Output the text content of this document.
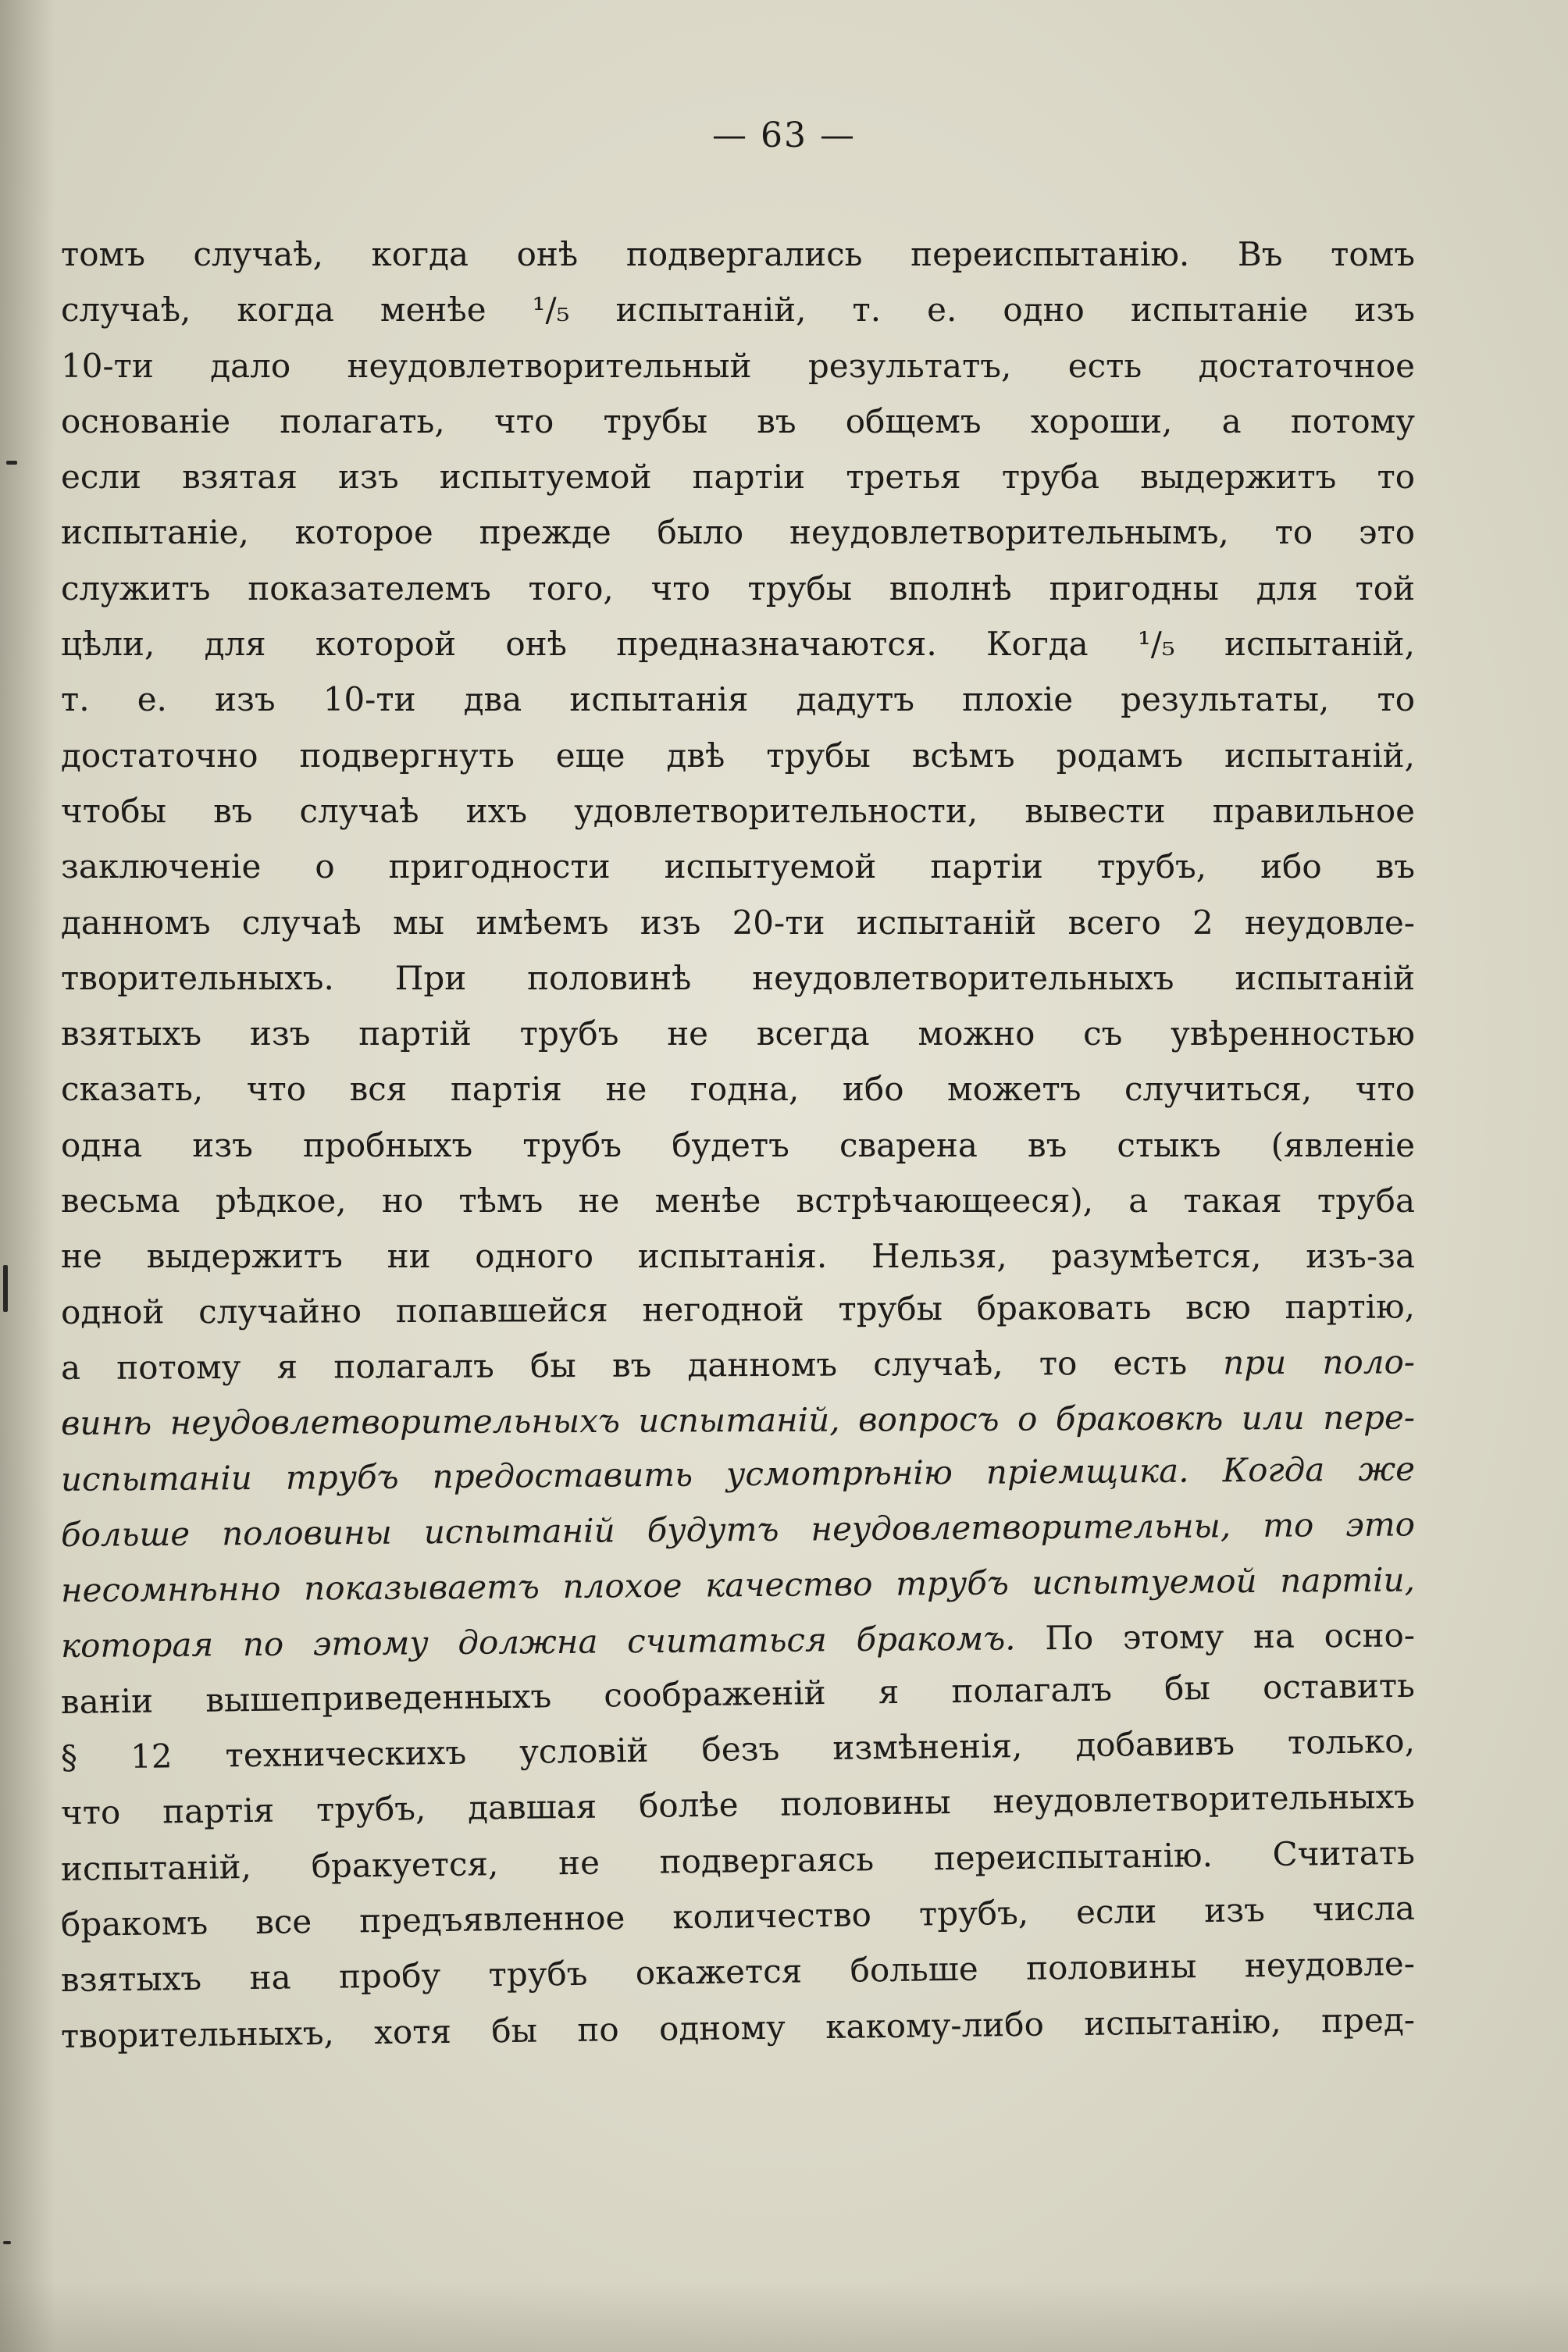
— 63 —
томъ случаѣ, когда онѣ подвергались переиспытанію. Въ томъ
случаѣ, когда менѣе ¹/₅ испытаній, т. е. одно испытаніе изъ
10-ти дало неудовлетворительный результатъ, есть достаточное
основаніе полагать, что трубы въ общемъ хороши, а потому
если взятая изъ испытуемой партіи третья труба выдержитъ то
испытаніе, которое прежде было неудовлетворительнымъ, то это
служитъ показателемъ того, что трубы вполнѣ пригодны для той
цѣли, для которой онѣ предназначаются. Когда ¹/₅ испытаній,
т. е. изъ 10-ти два испытанія дадутъ плохіе результаты, то
достаточно подвергнуть еще двѣ трубы всѣмъ родамъ испытаній,
чтобы въ случаѣ ихъ удовлетворительности, вывести правильное
заключеніе о пригодности испытуемой партіи трубъ, ибо въ
данномъ случаѣ мы имѣемъ изъ 20-ти испытаній всего 2 неудовле-
творительныхъ. При половинѣ неудовлетворительныхъ испытаній
взятыхъ изъ партій трубъ не всегда можно съ увѣренностью
сказать, что вся партія не годна, ибо можетъ случиться, что
одна изъ пробныхъ трубъ будетъ сварена въ стыкъ (явленіе
весьма рѣдкое, но тѣмъ не менѣе встрѣчающееся), а такая труба
не выдержитъ ни одного испытанія. Нельзя, разумѣется, изъ-за
одной случайно попавшейся негодной трубы браковать всю партію,
а потому я полагалъ бы въ данномъ случаѣ, то есть при поло-
винѣ неудовлетворительныхъ испытаній, вопросъ о браковкѣ или пере-
испытаніи трубъ предоставить усмотрѣнію пріемщика. Когда же
больше половины испытаній будутъ неудовлетворительны, то это
несомнѣнно показываетъ плохое качество трубъ испытуемой партіи,
которая по этому должна считаться бракомъ. По этому на осно-
ваніи вышеприведенныхъ соображеній я полагалъ бы оставить
§ 12 техническихъ условій безъ измѣненія, добавивъ только,
что партія трубъ, давшая болѣе половины неудовлетворительныхъ
испытаній, бракуется, не подвергаясь переиспытанію. Считать
бракомъ все предъявленное количество трубъ, если изъ числа
взятыхъ на пробу трубъ окажется больше половины неудовле-
творительныхъ, хотя бы по одному какому-либо испытанію, пред-
